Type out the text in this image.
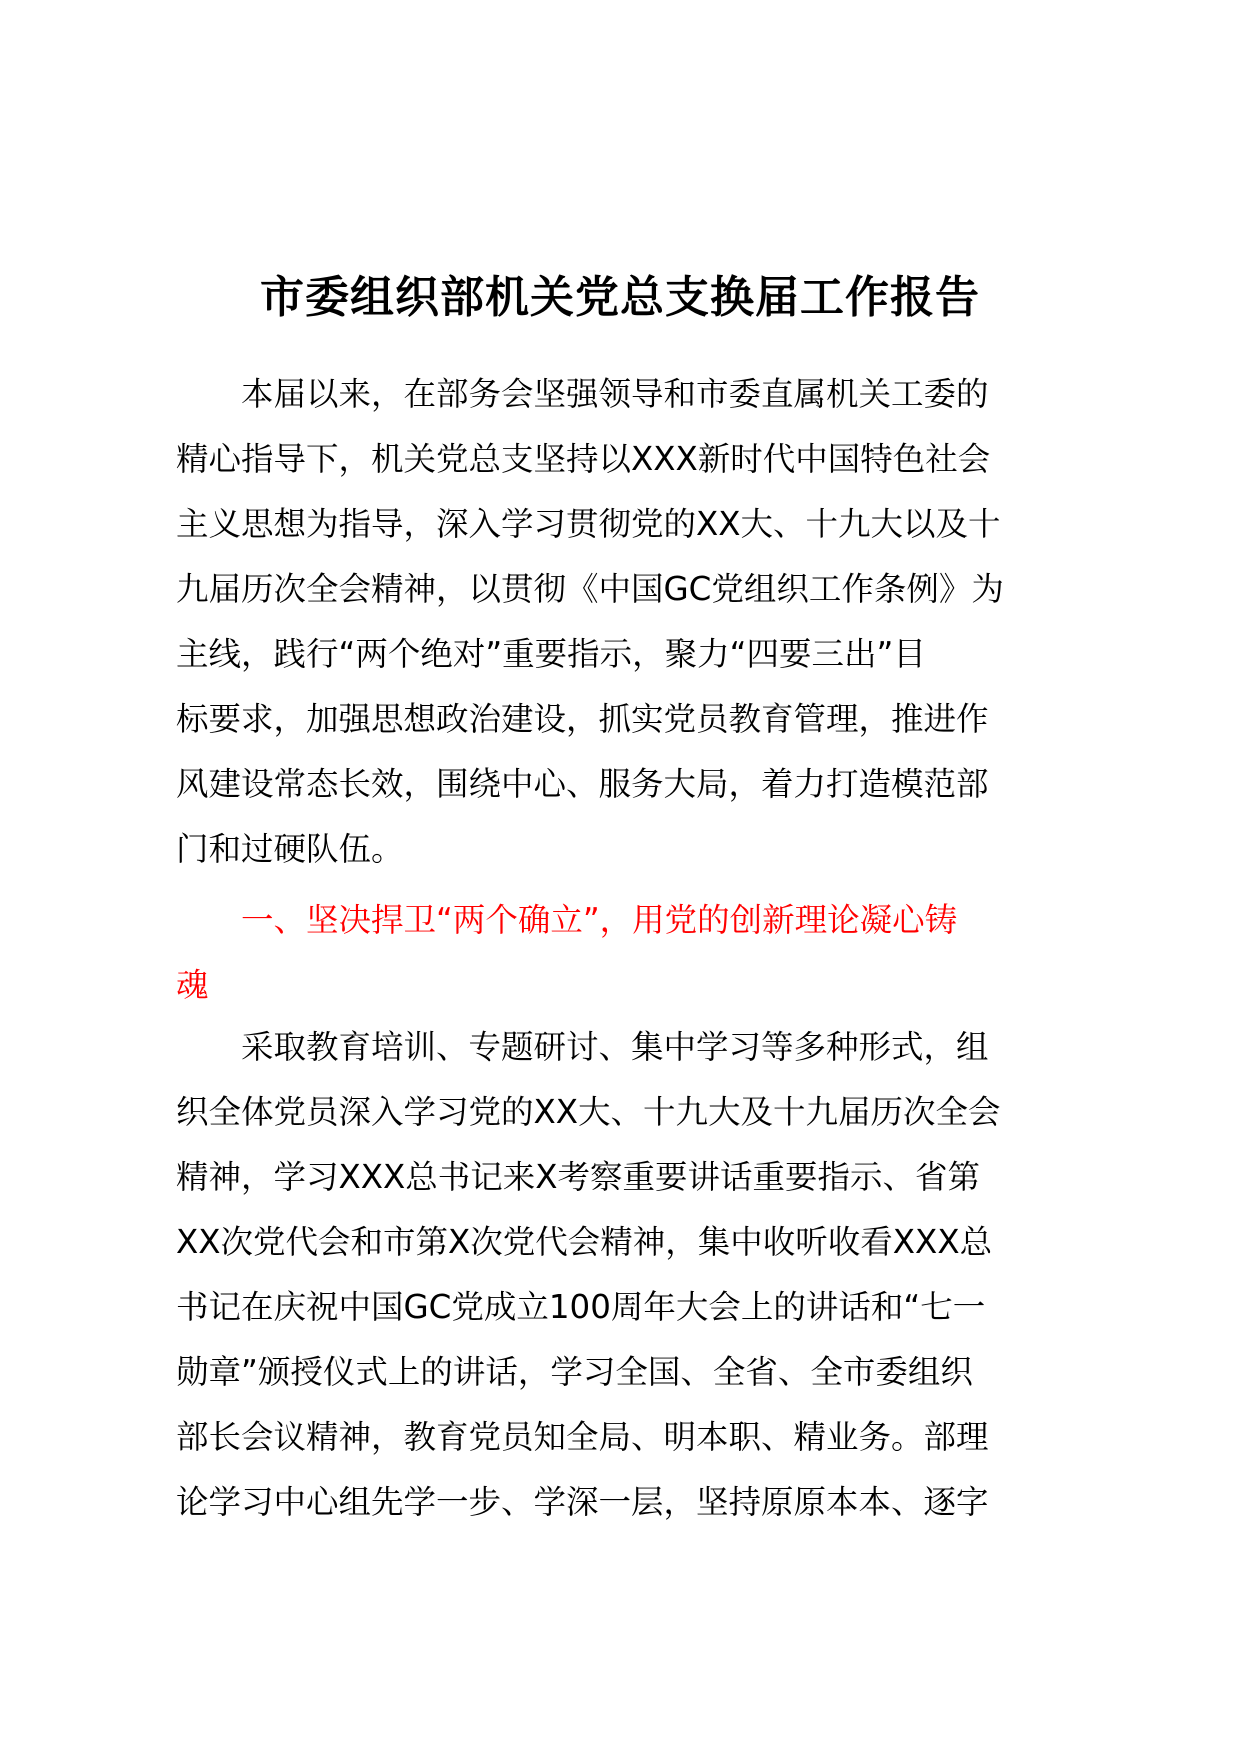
市委组织部机关党总支换届工作报告
本届以来，在部务会坚强领导和市委直属机关工委的
精心指导下，机关党总支坚持以XXX新时代中国特色社会
主义思想为指导，深入学习贯彻党的XX大、十九大以及十
九届历次全会精神，以贯彻《中国GC党组织工作条例》为
主线，践行“两个绝对”重要指示，聚力“四要三出”目
标要求，加强思想政治建设，抓实党员教育管理，推进作
风建设常态长效，围绕中心、服务大局，着力打造模范部
门和过硬队伍。
一、坚决捍卫“两个确立”，用党的创新理论凝心铸
魂
采取教育培训、专题研讨、集中学习等多种形式，组
织全体党员深入学习党的XX大、十九大及十九届历次全会
精神，学习XXX总书记来X考察重要讲话重要指示、省第
XX次党代会和市第X次党代会精神，集中收听收看XXX总
书记在庆祝中国GC党成立100周年大会上的讲话和“七一
勋章”颁授仪式上的讲话，学习全国、全省、全市委组织
部长会议精神，教育党员知全局、明本职、精业务。部理
论学习中心组先学一步、学深一层，坚持原原本本、逐字
